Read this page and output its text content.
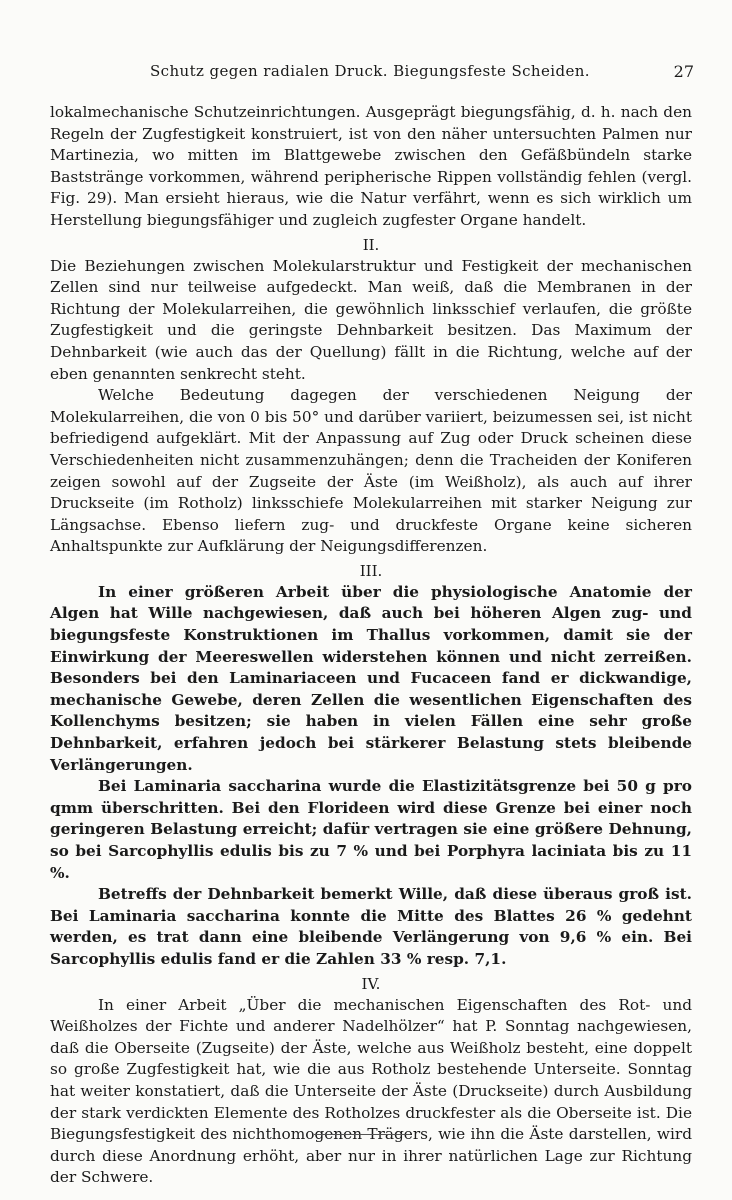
Schutz gegen radialen Druck. Biegungsfeste Scheiden.	27

lokalmechanische Schutzeinrichtungen. Ausgeprägt biegungsfähig, d. h. nach den Regeln der Zugfestigkeit konstruiert, ist von den näher untersuchten Palmen nur Martinezia, wo mitten im Blattgewebe zwischen den Gefäßbündeln starke Baststränge vorkommen, während peripherische Rippen vollständig fehlen (vergl. Fig. 29). Man ersieht hieraus, wie die Natur verfährt, wenn es sich wirklich um Herstellung biegungsfähiger und zugleich zugfester Organe handelt.

II.

Die Beziehungen zwischen Molekularstruktur und Festigkeit der mechanischen Zellen sind nur teilweise aufgedeckt. Man weiß, daß die Membranen in der Richtung der Molekularreihen, die gewöhnlich linksschief verlaufen, die größte Zugfestigkeit und die geringste Dehnbarkeit besitzen. Das Maximum der Dehnbarkeit (wie auch das der Quellung) fällt in die Richtung, welche auf der eben genannten senkrecht steht.

Welche Bedeutung dagegen der verschiedenen Neigung der Molekularreihen, die von 0 bis 50° und darüber variiert, beizumessen sei, ist nicht befriedigend aufgeklärt. Mit der Anpassung auf Zug oder Druck scheinen diese Verschiedenheiten nicht zusammenzuhängen; denn die Tracheiden der Koniferen zeigen sowohl auf der Zugseite der Äste (im Weißholz), als auch auf ihrer Druckseite (im Rotholz) linksschiefe Molekularreihen mit starker Neigung zur Längsachse. Ebenso liefern zug- und druckfeste Organe keine sicheren Anhaltspunkte zur Aufklärung der Neigungsdifferenzen.

III.

In einer größeren Arbeit über die physiologische Anatomie der Algen hat Wille nachgewiesen, daß auch bei höheren Algen zug- und biegungsfeste Konstruktionen im Thallus vorkommen, damit sie der Einwirkung der Meereswellen widerstehen können und nicht zerreißen. Besonders bei den Laminariaceen und Fucaceen fand er dickwandige, mechanische Gewebe, deren Zellen die wesentlichen Eigenschaften des Kollenchyms besitzen; sie haben in vielen Fällen eine sehr große Dehnbarkeit, erfahren jedoch bei stärkerer Belastung stets bleibende Verlängerungen.

Bei Laminaria saccharina wurde die Elastizitätsgrenze bei 50 g pro qmm überschritten. Bei den Florideen wird diese Grenze bei einer noch geringeren Belastung erreicht; dafür vertragen sie eine größere Dehnung, so bei Sarcophyllis edulis bis zu 7 % und bei Porphyra laciniata bis zu 11 %.

Betreffs der Dehnbarkeit bemerkt Wille, daß diese überaus groß ist. Bei Laminaria saccharina konnte die Mitte des Blattes 26 % gedehnt werden, es trat dann eine bleibende Verlängerung von 9,6 % ein. Bei Sarcophyllis edulis fand er die Zahlen 33 % resp. 7,1.

IV.

In einer Arbeit „Über die mechanischen Eigenschaften des Rot- und Weißholzes der Fichte und anderer Nadelhölzer“ hat P. Sonntag nachgewiesen, daß die Oberseite (Zugseite) der Äste, welche aus Weißholz besteht, eine doppelt so große Zugfestigkeit hat, wie die aus Rotholz bestehende Unterseite. Sonntag hat weiter konstatiert, daß die Unterseite der Äste (Druckseite) durch Ausbildung der stark verdickten Elemente des Rotholzes druckfester als die Oberseite ist. Die Biegungsfestigkeit des nichthomogenen Trägers, wie ihn die Äste darstellen, wird durch diese Anordnung erhöht, aber nur in ihrer natürlichen Lage zur Richtung der Schwere.
